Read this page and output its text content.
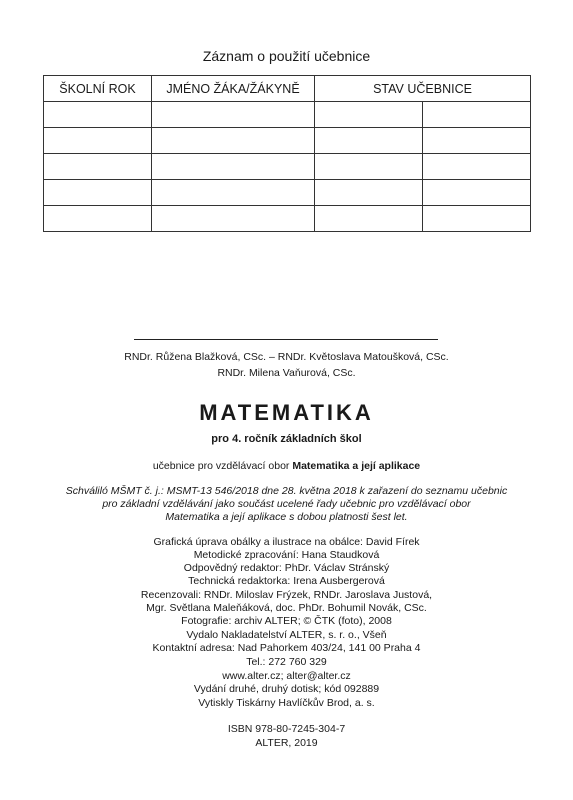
Záznam o použití učebnice
ŠKOLNÍ ROK	JMÉNO ŽÁKA/ŽÁKYNĚ	STAV UČEBNICE	

RNDr. Růžena Blažková, CSc. – RNDr. Květoslava Matoušková, CSc.
RNDr. Milena Vaňurová, CSc.
MATEMATIKA
pro 4. ročník základních škol
učebnice pro vzdělávací obor Matematika a její aplikace
Schváliló MŠMT č. j.: MSMT-13 546/2018 dne 28. května 2018 k zařazení do seznamu učebnic
pro základní vzdělávání jako součást ucelené řady učebnic pro vzdělávací obor
Matematika a její aplikace s dobou platnosti šest let.
Grafická úprava obálky a ilustrace na obálce: David Fírek
Metodické zpracování: Hana Staudková
Odpovědný redaktor: PhDr. Václav Stránský
Technická redaktorka: Irena Ausbergerová
Recenzovali: RNDr. Miloslav Frýzek, RNDr. Jaroslava Justová,
Mgr. Světlana Maleňáková, doc. PhDr. Bohumil Novák, CSc.
Fotografie: archiv ALTER; © ČTK (foto), 2008
Vydalo Nakladatelství ALTER, s. r. o., Všeň
Kontaktní adresa: Nad Pahorkem 403/24, 141 00 Praha 4
Tel.: 272 760 329
www.alter.cz; alter@alter.cz
Vydání druhé, druhý dotisk; kód 092889
Vytiskly Tiskárny Havlíčkův Brod, a. s.
ISBN 978-80-7245-304-7
ALTER, 2019
